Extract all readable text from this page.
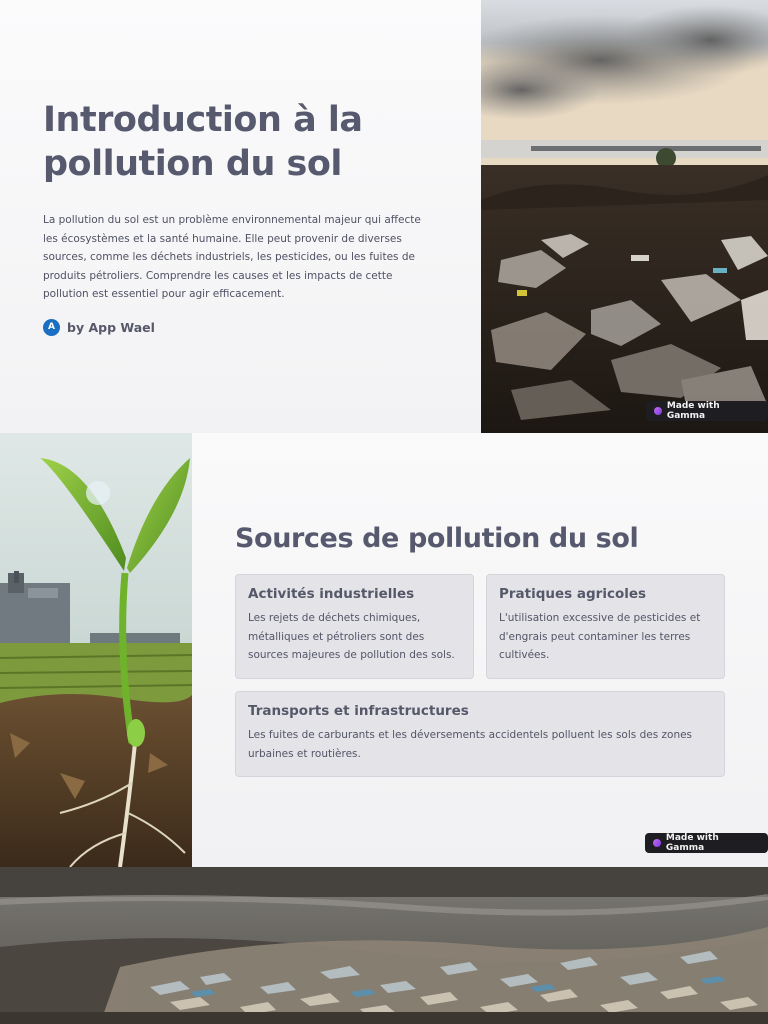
Introduction à la pollution du sol

La pollution du sol est un problème environnemental majeur qui affecte les écosystèmes et la santé humaine. Elle peut provenir de diverses sources, comme les déchets industriels, les pesticides, ou les fuites de produits pétroliers. Comprendre les causes et les impacts de cette pollution est essentiel pour agir efficacement.

A by App Wael
Made with Gamma
Sources de pollution du sol
Activités industrielles
Les rejets de déchets chimiques, métalliques et pétroliers sont des sources majeures de pollution des sols.
Pratiques agricoles
L'utilisation excessive de pesticides et d'engrais peut contaminer les terres cultivées.
Transports et infrastructures
Les fuites de carburants et les déversements accidentels polluent les sols des zones urbaines et routières.
Made with Gamma
